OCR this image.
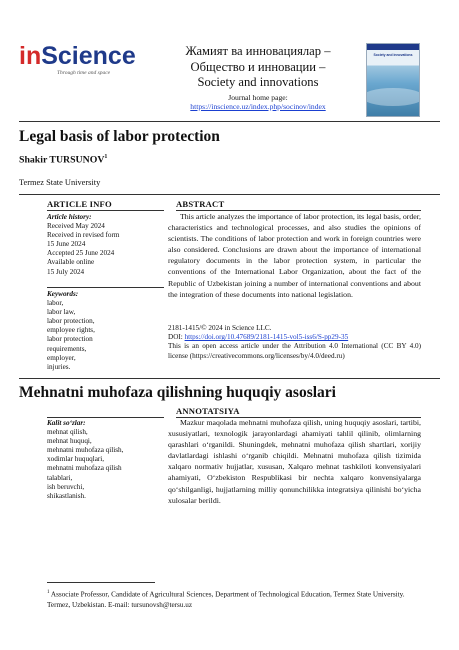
inScience
Through time and space
Жамият ва инновациялар –
Общество и инновации –
Society and innovations
Journal home page:
https://inscience.uz/index.php/socinov/index
Society and innovations
Legal basis of labor protection
Shakir TURSUNOV$^1$
Termez State University
ARTICLE INFO	ABSTRACT
Article history:
Received May 2024
Received in revised form
15 June 2024
Accepted 25 June 2024
Available online
15 July 2024
Keywords:
labor,
labor law,
labor protection,
employee rights,
labor protection
requirements,
employer,
injuries.
This article analyzes the importance of labor protection, its legal basis, order, characteristics and technological processes, and also studies the opinions of scientists. The conditions of labor protection and work in foreign countries were also considered. Conclusions are drawn about the importance of international regulatory documents in the labor protection system, in particular the conventions of the International Labor Organization, about the fact of the Republic of Uzbekistan joining a number of international conventions and about the integration of these documents into national legislation.
2181-1415/© 2024 in Science LLC.
DOI: https://doi.org/10.47689/2181-1415-vol5-iss6/S-pp29-35
This is an open access article under the Attribution 4.0 International (CC BY 4.0) license (https://creativecommons.org/licenses/by/4.0/deed.ru)
Mehnatni muhofaza qilishning huquqiy asoslari
ANNOTATSIYA
Kalit so‘zlar:
mehnat qilish,
mehnat huquqi,
mehnatni muhofaza qilish,
xodimlar huquqlari,
mehnatni muhofaza qilish
talablari,
ish beruvchi,
shikastlanish.
Mazkur maqolada mehnatni muhofaza qilish, uning huquqiy asoslari, tartibi, xususiyatlari, texnologik jarayonlardagi ahamiyati tahlil qilinib, olimlarning qarashlari o‘rganildi. Shuningdek, mehnatni muhofaza qilish shartlari, xorijiy davlatlardagi ishlashi o‘rganib chiqildi. Mehnatni muhofaza qilish tizimida xalqaro normativ hujjatlar, xususan, Xalqaro mehnat tashkiloti konvensiyalari ahamiyati, O‘zbekiston Respublikasi bir nechta xalqaro konvensiyalarga qo‘shilganligi, hujjatlarning milliy qonunchilikka integratsiya qilinishi bo‘yicha xulosalar berildi.
$^1$ Associate Professor, Candidate of Agricultural Sciences, Department of Technological Education, Termez State University. Termez, Uzbekistan. E-mail: tursunovsh@tersu.uz
